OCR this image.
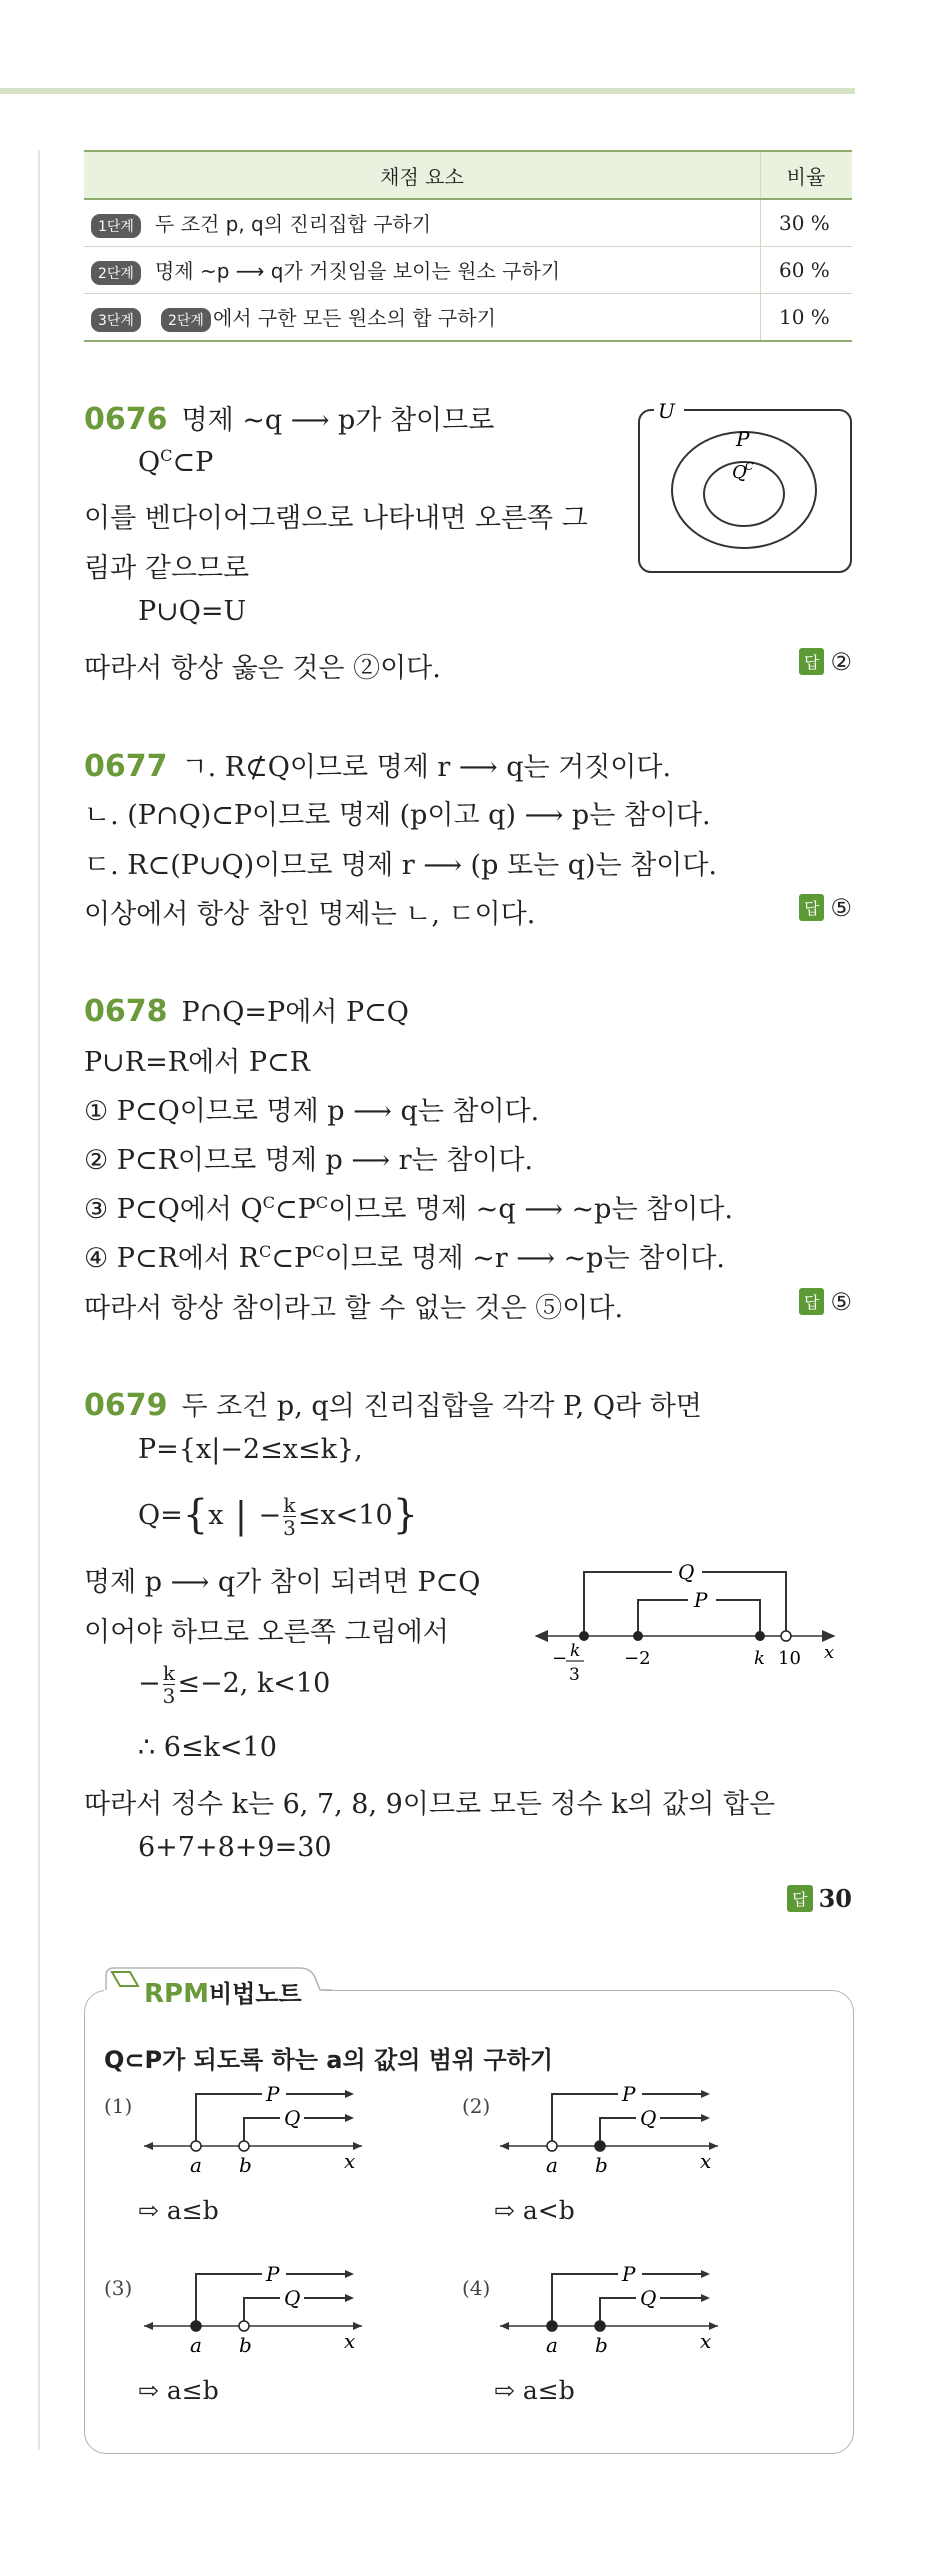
채점 요소	비율
1단계 두 조건 p, q의 진리집합 구하기	30 %
2단계 명제 ~p ⟶ q가 거짓임을 보이는 원소 구하기	60 %
3단계 2단계 에서 구한 모든 원소의 합 구하기	10 %
0676 명제 ~q ⟶ p가 참이므로
$Q^C\subset P$
이를 벤다이어그램으로 나타내면 오른쪽 그
림과 같으므로
P∪Q=U
따라서 항상 옳은 것은 ②이다.	답 ②
U
P
Q
C
0677 ㄱ. R⊄Q이므로 명제 r ⟶ q는 거짓이다.
ㄴ. (P∩Q)⊂P이므로 명제 (p이고 q) ⟶ p는 참이다.
ㄷ. R⊂(P∪Q)이므로 명제 r ⟶ (p 또는 q)는 참이다.
이상에서 항상 참인 명제는 ㄴ, ㄷ이다.	답 ⑤
0678 P∩Q=P에서 P⊂Q
P∪R=R에서 P⊂R
① P⊂Q이므로 명제 p ⟶ q는 참이다.
② P⊂R이므로 명제 p ⟶ r는 참이다.
③ P⊂Q에서 $Q^C\subset P^C$이므로 명제 ~q ⟶ ~p는 참이다.
④ P⊂R에서 $R^C\subset P^C$이므로 명제 ~r ⟶ ~p는 참이다.
따라서 항상 참이라고 할 수 없는 것은 ⑤이다.	답 ⑤
0679 두 조건 p, q의 진리집합을 각각 P, Q라 하면
P={x|−2≤x≤k},
Q={x | − $\frac{k}{3} \le x<10$}
명제 p ⟶ q가 참이 되려면 P⊂Q
이어야 하므로 오른쪽 그림에서
− $\frac{k}{3} \le-2$, k<10
∴ 6≤k<10
따라서 정수 k는 6, 7, 8, 9이므로 모든 정수 k의 값의 합은
6+7+8+9=30
답 30
Q
P
− k
3
−2	k 10 x
RPM비법노트
Q⊂P가 되도록 하는 a의 값의 범위 구하기
(1)	(2)
(3)	(4)
P
Q
a b	x
P
Q
a b	x
P
Q
a b	x
P
Q
a b	x
⇨ a≤b	⇨ a<b
⇨ a≤b	⇨ a≤b
